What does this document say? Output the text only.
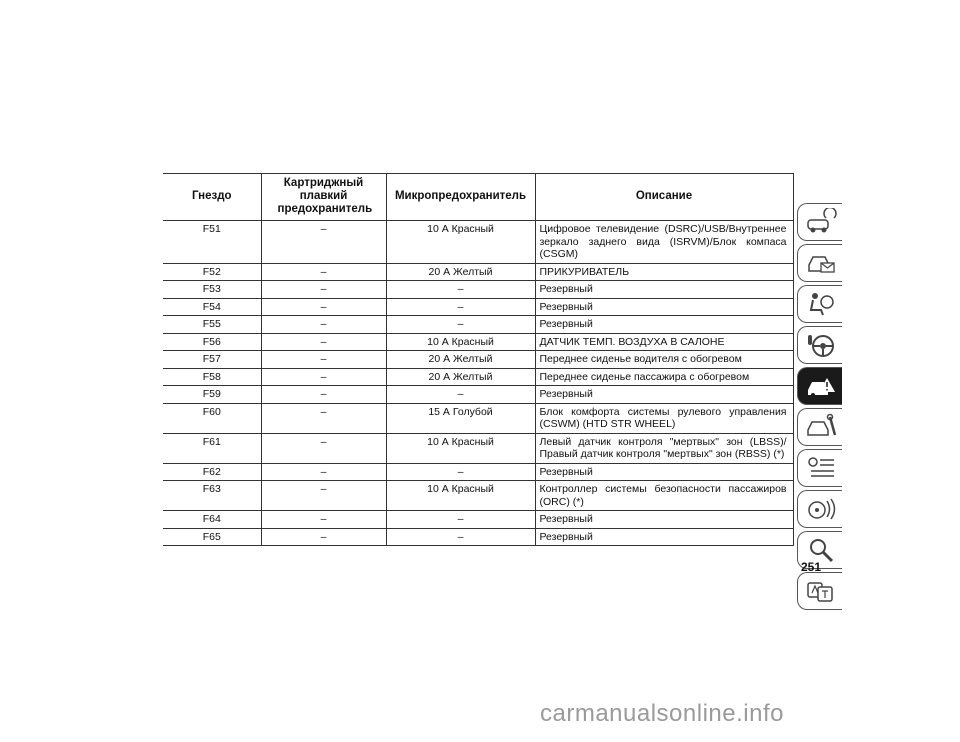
Гнездо	Картриджный плавкий предохранитель	Микропредохранитель	Описание
F51	–	10 А Красный	Цифровое телевидение (DSRC)/USB/Внутреннее зеркало заднего вида (ISRVM)/Блок компаса (CSGM)
F52	–	20 А Желтый	ПРИКУРИВАТЕЛЬ
F53	–	–	Резервный
F54	–	–	Резервный
F55	–	–	Резервный
F56	–	10 А Красный	ДАТЧИК ТЕМП. ВОЗДУХА В САЛОНЕ
F57	–	20 А Желтый	Переднее сиденье водителя с обогревом
F58	–	20 А Желтый	Переднее сиденье пассажира с обогревом
F59	–	–	Резервный
F60	–	15 А Голубой	Блок комфорта системы рулевого управления (CSWM) (HTD STR WHEEL)
F61	–	10 А Красный	Левый датчик контроля "мертвых" зон (LBSS)/ Правый датчик контроля "мертвых" зон (RBSS) (*)
F62	–	–	Резервный
F63	–	10 А Красный	Контроллер системы безопасности пассажиров (ORC) (*)
F64	–	–	Резервный
F65	–	–	Резервный
251
carmanualsonline.info
